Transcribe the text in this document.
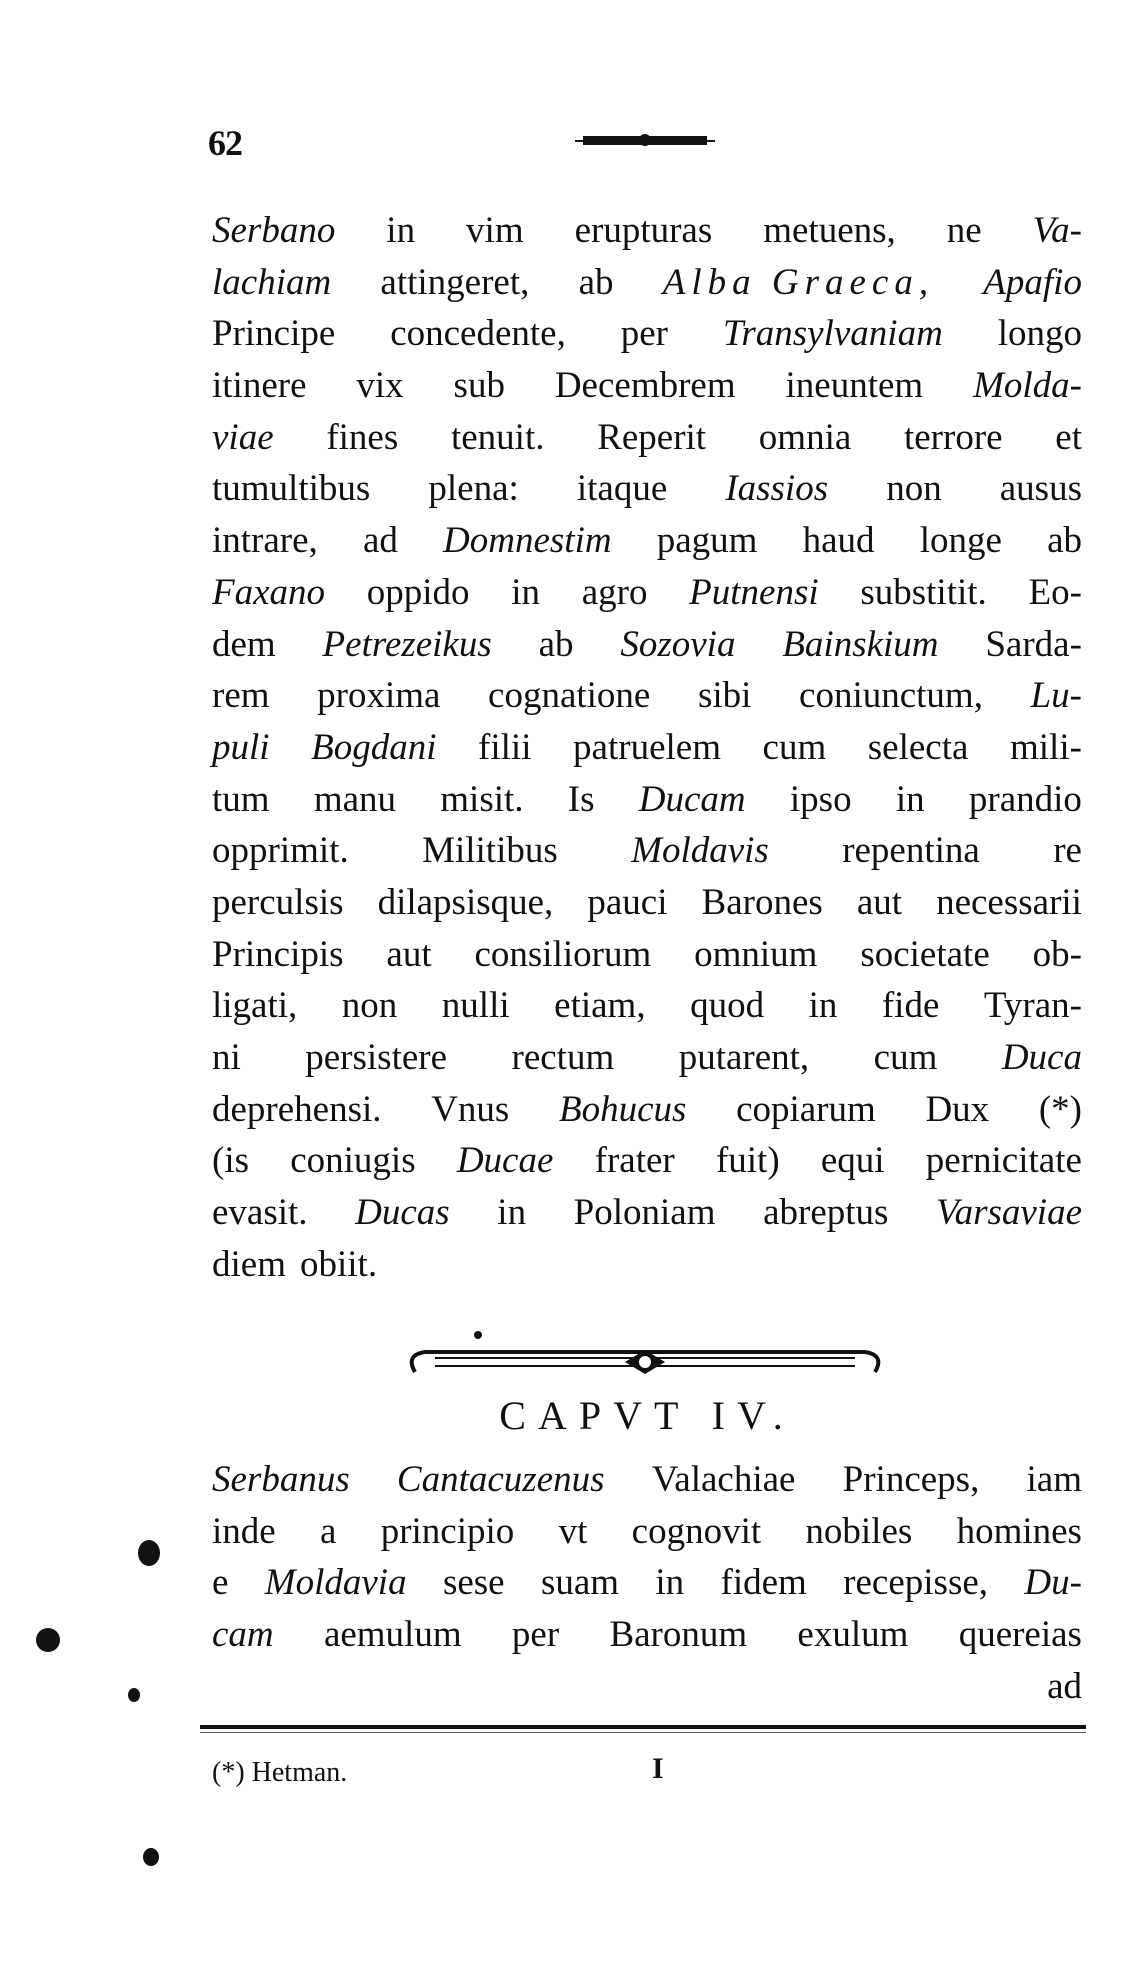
62
Serbano in vim erupturas metuens, ne Va-
lachiam attingeret, ab Alba Graeca, Apafio
Principe concedente, per Transylvaniam longo
itinere vix sub Decembrem ineuntem Molda-
viae fines tenuit. Reperit omnia terrore et
tumultibus plena: itaque Iassios non ausus
intrare, ad Domnestim pagum haud longe ab
Faxano oppido in agro Putnensi substitit. Eo-
dem Petrezeikus ab Sozovia Bainskium Sarda-
rem proxima cognatione sibi coniunctum, Lu-
puli Bogdani filii patruelem cum selecta mili-
tum manu misit. Is Ducam ipso in prandio
opprimit. Militibus Moldavis repentina re
perculsis dilapsisque, pauci Barones aut necessarii
Principis aut consiliorum omnium societate ob-
ligati, non nulli etiam, quod in fide Tyran-
ni persistere rectum putarent, cum Duca
deprehensi. Vnus Bohucus copiarum Dux (*)
(is coniugis Ducae frater fuit) equi pernicitate
evasit. Ducas in Poloniam abreptus Varsaviae
diem obiit.
CAPVT IV.
Serbanus Cantacuzenus Valachiae Princeps, iam
inde a principio vt cognovit nobiles homines
e Moldavia sese suam in fidem recepisse, Du-
cam aemulum per Baronum exulum quereias
ad
(*) Hetman.	I
